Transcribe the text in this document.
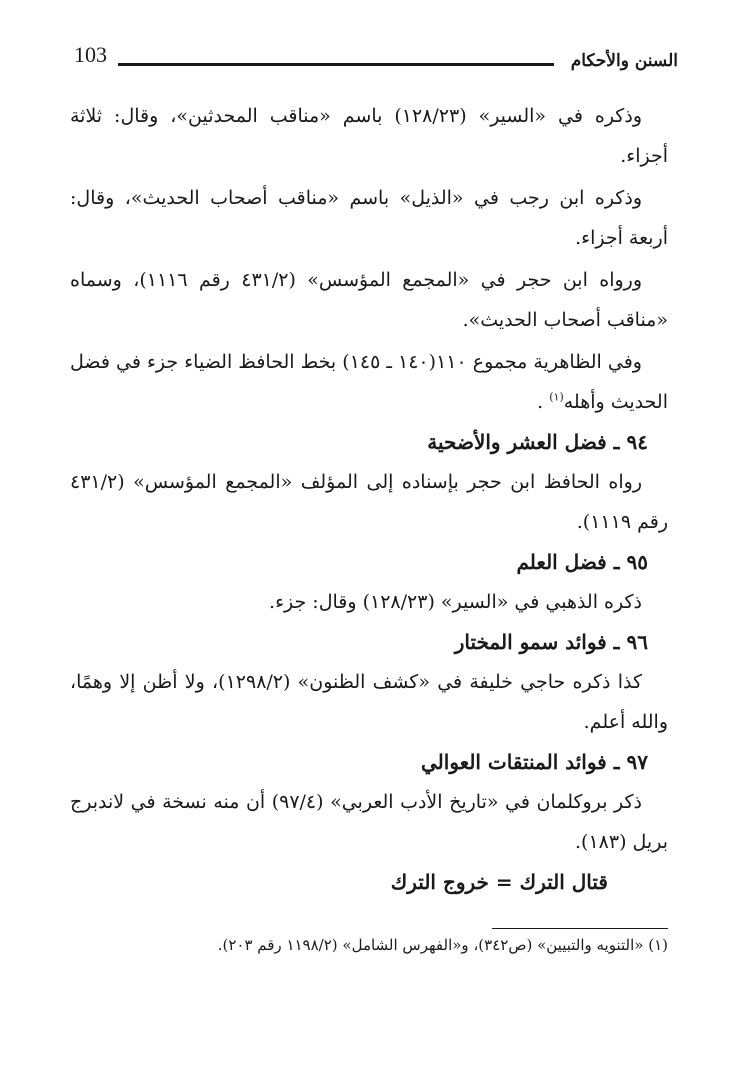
103	السنن والأحكام

وذكره في «السير» (١٢٨/٢٣) باسم «مناقب المحدثين»، وقال: ثلاثة أجزاء.

وذكره ابن رجب في «الذيل» باسم «مناقب أصحاب الحديث»، وقال: أربعة أجزاء.

ورواه ابن حجر في «المجمع المؤسس» (٤٣١/٢ رقم ١١١٦)، وسماه «مناقب أصحاب الحديث».

وفي الظاهرية مجموع ١١٠(١٤٠ ـ ١٤٥) بخط الحافظ الضياء جزء في فضل الحديث وأهله$^{(١)}$ .

٩٤ ـ فضل العشر والأضحية

رواه الحافظ ابن حجر بإسناده إلى المؤلف «المجمع المؤسس» (٤٣١/٢ رقم ١١١٩).

٩٥ ـ فضل العلم

ذكره الذهبي في «السير» (١٢٨/٢٣) وقال: جزء.

٩٦ ـ فوائد سمو المختار

كذا ذكره حاجي خليفة في «كشف الظنون» (١٢٩٨/٢)، ولا أظن إلا وهمًا، والله أعلم.

٩٧ ـ فوائد المنتقات العوالي

ذكر بروكلمان في «تاريخ الأدب العربي» (٩٧/٤) أن منه نسخة في لاندبرج بريل (١٨٣).

قتال الترك = خروج الترك
(١) «التنويه والتبيين» (ص٣٤٢)، و«الفهرس الشامل» (١١٩٨/٢ رقم ٢٠٣).
